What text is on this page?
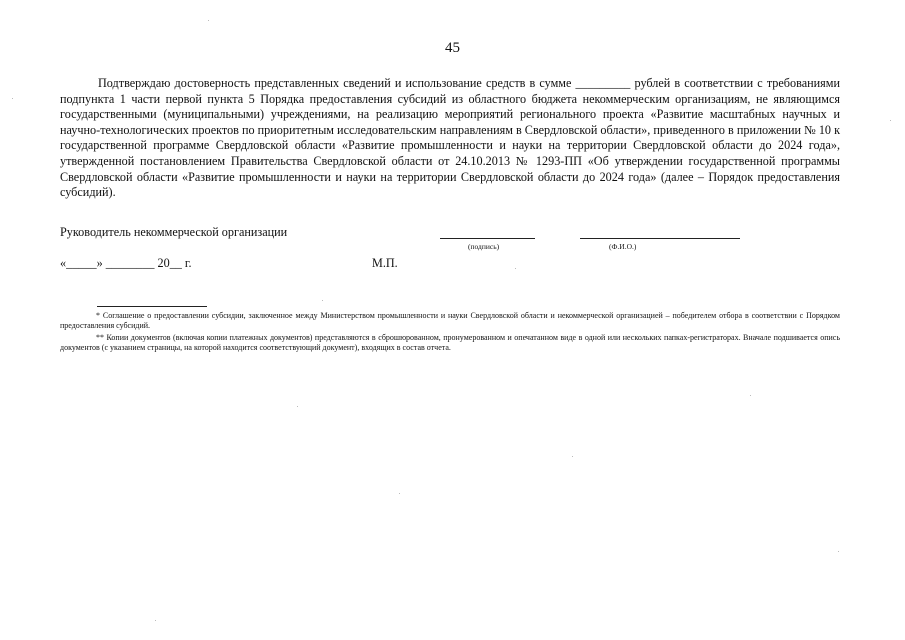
45

Подтверждаю достоверность представленных сведений и использование средств в сумме _________ рублей в соответствии с требованиями подпункта 1 части первой пункта 5 Порядка предоставления субсидий из областного бюджета некоммерческим организациям, не являющимся государственными (муниципальными) учреждениями, на реализацию мероприятий регионального проекта «Развитие масштабных научных и научно-технологических проектов по приоритетным исследовательским направлениям в Свердловской области», приведенного в приложении № 10 к государственной программе Свердловской области «Развитие промышленности и науки на территории Свердловской области до 2024 года», утвержденной постановлением Правительства Свердловской области от 24.10.2013 № 1293-ПП «Об утверждении государственной программы Свердловской области «Развитие промышленности и науки на территории Свердловской области до 2024 года» (далее – Порядок предоставления субсидий).

Руководитель некоммерческой организации
(подпись)	(Ф.И.О.)
«_____» ________ 20__ г.	М.П.

* Соглашение о предоставлении субсидии, заключенное между Министерством промышленности и науки Свердловской области и некоммерческой организацией – победителем отбора в соответствии с Порядком предоставления субсидий.

** Копии документов (включая копии платежных документов) представляются в сброшюрованном, пронумерованном и опечатанном виде в одной или нескольких папках-регистраторах. Вначале подшивается опись документов (с указанием страницы, на которой находится соответствующий документ), входящих в состав отчета.
